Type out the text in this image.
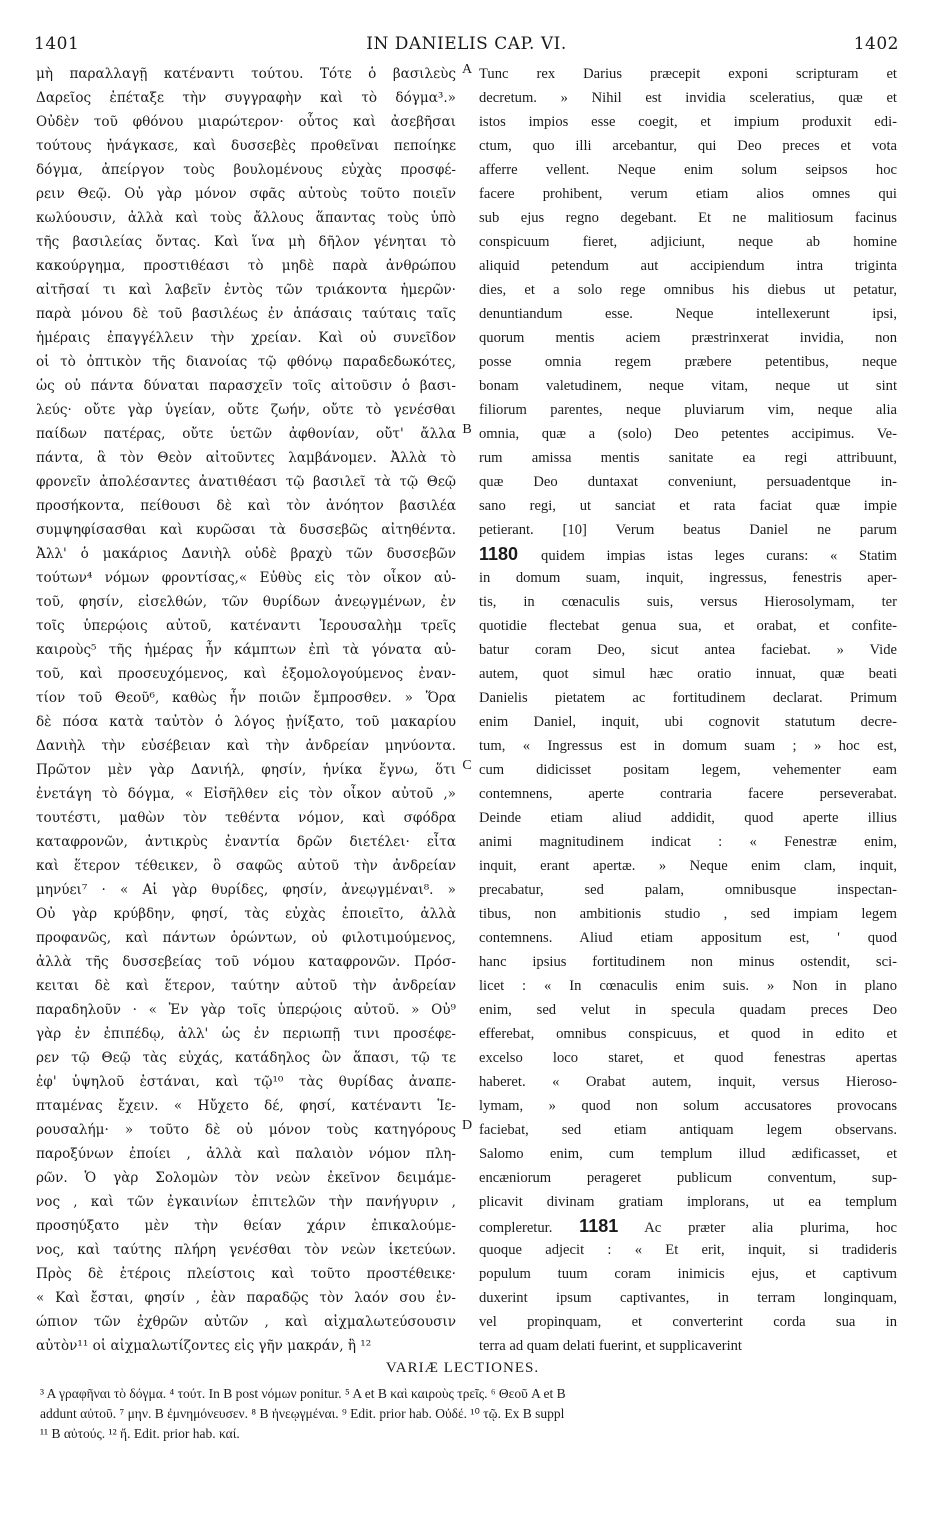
1401	IN DANIELIS CAP. VI.	1402
μὴ παραλλαγῇ κατέναντι τούτου. Τότε ὁ βασιλεὺς
Δαρεῖος ἐπέταξε τὴν συγγραφὴν καὶ τὸ δόγμα³.»
Οὐδὲν τοῦ φθόνου μιαρώτερον· οὗτος καὶ ἀσεβῆσαι
τούτους ἠνάγκασε, καὶ δυσσεβὲς προθεῖναι πεποίηκε
δόγμα, ἀπείργον τοὺς βουλομένους εὐχὰς προσφέ-
ρειν Θεῷ. Οὐ γὰρ μόνον σφᾶς αὐτοὺς τοῦτο ποιεῖν
κωλύουσιν, ἀλλὰ καὶ τοὺς ἄλλους ἅπαντας τοὺς ὑπὸ
τῆς βασιλείας ὄντας. Καὶ ἵνα μὴ δῆλον γένηται τὸ
κακούργημα, προστιθέασι τὸ μηδὲ παρὰ ἀνθρώπου
αἰτῆσαί τι καὶ λαβεῖν ἐντὸς τῶν τριάκοντα ἡμερῶν·
παρὰ μόνου δὲ τοῦ βασιλέως ἐν ἁπάσαις ταύταις ταῖς
ἡμέραις ἐπαγγέλλειν τὴν χρείαν. Καὶ οὐ συνεῖδον
οἱ τὸ ὀπτικὸν τῆς διανοίας τῷ φθόνῳ παραδεδωκότες,
ὡς οὐ πάντα δύναται παρασχεῖν τοῖς αἰτοῦσιν ὁ βασι-
λεύς· οὔτε γὰρ ὑγείαν, οὔτε ζωήν, οὔτε τὸ γενέσθαι
παίδων πατέρας, οὔτε ὑετῶν ἀφθονίαν, οὔτ' ἄλλα
πάντα, ἃ τὸν Θεὸν αἰτοῦντες λαμβάνομεν. Ἀλλὰ τὸ
φρονεῖν ἀπολέσαντες ἀνατιθέασι τῷ βασιλεῖ τὰ τῷ Θεῷ
προσήκοντα, πείθουσι δὲ καὶ τὸν ἀνόητον βασιλέα
συμψηφίσασθαι καὶ κυρῶσαι τὰ δυσσεβῶς αἰτηθέντα.
Ἀλλ' ὁ μακάριος Δανιὴλ οὐδὲ βραχὺ τῶν δυσσεβῶν
τούτων⁴ νόμων φροντίσας,« Εὐθὺς εἰς τὸν οἶκον αὐ-
τοῦ, φησίν, εἰσελθών, τῶν θυρίδων ἀνεῳγμένων, ἐν
τοῖς ὑπερῴοις αὐτοῦ, κατέναντι Ἱερουσαλὴμ τρεῖς
καιροὺς⁵ τῆς ἡμέρας ἦν κάμπτων ἐπὶ τὰ γόνατα αὐ-
τοῦ, καὶ προσευχόμενος, καὶ ἐξομολογούμενος ἐναν-
τίον τοῦ Θεοῦ⁶, καθὼς ἦν ποιῶν ἔμπροσθεν. » Ὅρα
δὲ πόσα κατὰ ταὐτὸν ὁ λόγος ᾐνίξατο, τοῦ μακαρίου
Δανιὴλ τὴν εὐσέβειαν καὶ τὴν ἀνδρείαν μηνύοντα.
Πρῶτον μὲν γὰρ Δανιήλ, φησίν, ἡνίκα ἔγνω, ὅτι
ἐνετάγη τὸ δόγμα, « Εἰσῆλθεν εἰς τὸν οἶκον αὐτοῦ ,»
τουτέστι, μαθὼν τὸν τεθέντα νόμον, καὶ σφόδρα
καταφρονῶν, ἀντικρὺς ἐναντία δρῶν διετέλει· εἶτα
καὶ ἕτερον τέθεικεν, ὃ σαφῶς αὐτοῦ τὴν ἀνδρείαν
μηνύει⁷ · « Αἱ γὰρ θυρίδες, φησίν, ἀνεῳγμέναι⁸. »
Οὐ γὰρ κρύβδην, φησί, τὰς εὐχὰς ἐποιεῖτο, ἀλλὰ
προφανῶς, καὶ πάντων ὁρώντων, οὐ φιλοτιμούμενος,
ἀλλὰ τῆς δυσσεβείας τοῦ νόμου καταφρονῶν. Πρόσ-
κειται δὲ καὶ ἕτερον, ταύτην αὐτοῦ τὴν ἀνδρείαν
παραδηλοῦν · « Ἐν γὰρ τοῖς ὑπερῴοις αὐτοῦ. » Οὐ⁹
γὰρ ἐν ἐπιπέδῳ, ἀλλ' ὡς ἐν περιωπῇ τινι προσέφε-
ρεν τῷ Θεῷ τὰς εὐχάς, κατάδηλος ὢν ἅπασι, τῷ τε
ἐφ' ὑψηλοῦ ἑστάναι, καὶ τῷ¹⁰ τὰς θυρίδας ἀναπε-
πταμένας ἔχειν. « Ηὔχετο δέ, φησί, κατέναντι Ἱε-
ρουσαλήμ· » τοῦτο δὲ οὐ μόνον τοὺς κατηγόρους
παροξύνων ἐποίει , ἀλλὰ καὶ παλαιὸν νόμον πλη-
ρῶν. Ὁ γὰρ Σολομὼν τὸν νεὼν ἐκεῖνον δειμάμε-
νος , καὶ τῶν ἐγκαινίων ἐπιτελῶν τὴν πανήγυριν ,
προσηύξατο μὲν τὴν θείαν χάριν ἐπικαλούμε-
νος, καὶ ταύτης πλήρη γενέσθαι τὸν νεὼν ἱκετεύων.
Πρὸς δὲ ἑτέροις πλείστοις καὶ τοῦτο προστέθεικε·
« Καὶ ἔσται, φησίν , ἐὰν παραδῷς τὸν λαόν σου ἐν-
ώπιον τῶν ἐχθρῶν αὐτῶν , καὶ αἰχμαλωτεύσουσιν
αὐτὸν¹¹ οἱ αἰχμαλωτίζοντες εἰς γῆν μακράν, ἢ ¹²
Tunc rex Darius præcepit exponi scripturam et
decretum. » Nihil est invidia sceleratius, quæ et
istos impios esse coegit, et impium produxit edi-
ctum, quo illi arcebantur, qui Deo preces et vota
afferre vellent. Neque enim solum seipsos hoc
facere prohibent, verum etiam alios omnes qui
sub ejus regno degebant. Et ne malitiosum facinus
conspicuum fieret, adjiciunt, neque ab homine
aliquid petendum aut accipiendum intra triginta
dies, et a solo rege omnibus his diebus ut petatur,
denuntiandum esse. Neque intellexerunt ipsi,
quorum mentis aciem præstrinxerat invidia, non
posse omnia regem præbere petentibus, neque
bonam valetudinem, neque vitam, neque ut sint
filiorum parentes, neque pluviarum vim, neque alia
omnia, quæ a (solo) Deo petentes accipimus. Ve-
rum amissa mentis sanitate ea regi attribuunt,
quæ Deo duntaxat conveniunt, persuadentque in-
sano regi, ut sanciat et rata faciat quæ impie
petierant. [10] Verum beatus Daniel ne parum
1180 quidem impias istas leges curans: « Statim
in domum suam, inquit, ingressus, fenestris aper-
tis, in cœnaculis suis, versus Hierosolymam, ter
quotidie flectebat genua sua, et orabat, et confite-
batur coram Deo, sicut antea faciebat. » Vide
autem, quot simul hæc oratio innuat, quæ beati
Danielis pietatem ac fortitudinem declarat. Primum
enim Daniel, inquit, ubi cognovit statutum decre-
tum, « Ingressus est in domum suam ; » hoc est,
cum didicisset positam legem, vehementer eam
contemnens, aperte contraria facere perseverabat.
Deinde etiam aliud addidit, quod aperte illius
animi magnitudinem indicat : « Fenestræ enim,
inquit, erant apertæ. » Neque enim clam, inquit,
precabatur, sed palam, omnibusque inspectan-
tibus, non ambitionis studio , sed impiam legem
contemnens. Aliud etiam appositum est, ' quod
hanc ipsius fortitudinem non minus ostendit, sci-
licet : « In cœnaculis enim suis. » Non in plano
enim, sed velut in specula quadam preces Deo
efferebat, omnibus conspicuus, et quod in edito et
excelso loco staret, et quod fenestras apertas
haberet. « Orabat autem, inquit, versus Hieroso-
lymam, » quod non solum accusatores provocans
faciebat, sed etiam antiquam legem observans.
Salomo enim, cum templum illud ædificasset, et
encæniorum perageret publicum conventum, sup-
plicavit divinam gratiam implorans, ut ea templum
compleretur. 1181 Ac præter alia plurima, hoc
quoque adjecit : « Et erit, inquit, si tradideris
populum tuum coram inimicis ejus, et captivum
duxerint ipsum captivantes, in terram longinquam,
vel propinquam, et converterint corda sua in
terra ad quam delati fuerint, et supplicaverint
A
B
C
D
VARIÆ LECTIONES.
³ A γραφῆναι τὸ δόγμα. ⁴ τούτ. In B post νόμων ponitur. ⁵ A et B καὶ καιροὺς τρεῖς. ⁶ Θεοῦ A et B
addunt αὐτοῦ. ⁷ μην. B ἐμνημόνευσεν. ⁸ B ἠνεῳγμέναι. ⁹ Edit. prior hab. Οὐδέ. ¹⁰ τῷ. Ex B suppl
¹¹ B αὐτούς. ¹² ἤ. Edit. prior hab. καί.
